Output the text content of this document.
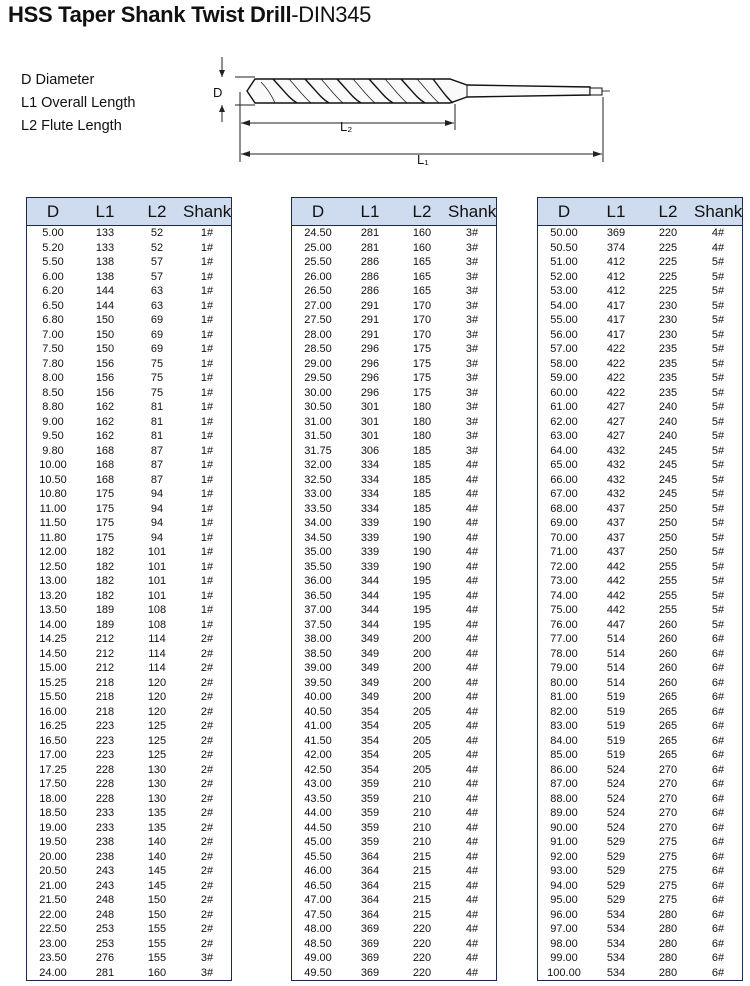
HSS Taper Shank Twist Drill-DIN345
D Diameter
L1 Overall Length
L2 Flute Length
D
L₂
L₁
D	L1	L2 Shank
5.00	133	52	1#
5.20	133	52	1#
5.50	138	57	1#
6.00	138	57	1#
6.20	144	63	1#
6.50	144	63	1#
6.80	150	69	1#
7.00	150	69	1#
7.50	150	69	1#
7.80	156	75	1#
8.00	156	75	1#
8.50	156	75	1#
8.80	162	81	1#
9.00	162	81	1#
9.50	162	81	1#
9.80	168	87	1#
10.00	168	87	1#
10.50	168	87	1#
10.80	175	94	1#
11.00	175	94	1#
11.50	175	94	1#
11.80	175	94	1#
12.00	182	101	1#
12.50	182	101	1#
13.00	182	101	1#
13.20	182	101	1#
13.50	189	108	1#
14.00	189	108	1#
14.25	212	114	2#
14.50	212	114	2#
15.00	212	114	2#
15.25	218	120	2#
15.50	218	120	2#
16.00	218	120	2#
16.25	223	125	2#
16.50	223	125	2#
17.00	223	125	2#
17.25	228	130	2#
17.50	228	130	2#
18.00	228	130	2#
18.50	233	135	2#
19.00	233	135	2#
19.50	238	140	2#
20.00	238	140	2#
20.50	243	145	2#
21.00	243	145	2#
21.50	248	150	2#
22.00	248	150	2#
22.50	253	155	2#
23.00	253	155	2#
23.50	276	155	3#
24.00	281	160	3#
D	L1	L2 Shank
24.50	281	160	3#
25.00	281	160	3#
25.50	286	165	3#
26.00	286	165	3#
26.50	286	165	3#
27.00	291	170	3#
27.50	291	170	3#
28.00	291	170	3#
28.50	296	175	3#
29.00	296	175	3#
29.50	296	175	3#
30.00	296	175	3#
30.50	301	180	3#
31.00	301	180	3#
31.50	301	180	3#
31.75	306	185	3#
32.00	334	185	4#
32.50	334	185	4#
33.00	334	185	4#
33.50	334	185	4#
34.00	339	190	4#
34.50	339	190	4#
35.00	339	190	4#
35.50	339	190	4#
36.00	344	195	4#
36.50	344	195	4#
37.00	344	195	4#
37.50	344	195	4#
38.00	349	200	4#
38.50	349	200	4#
39.00	349	200	4#
39.50	349	200	4#
40.00	349	200	4#
40.50	354	205	4#
41.00	354	205	4#
41.50	354	205	4#
42.00	354	205	4#
42.50	354	205	4#
43.00	359	210	4#
43.50	359	210	4#
44.00	359	210	4#
44.50	359	210	4#
45.00	359	210	4#
45.50	364	215	4#
46.00	364	215	4#
46.50	364	215	4#
47.00	364	215	4#
47.50	364	215	4#
48.00	369	220	4#
48.50	369	220	4#
49.00	369	220	4#
49.50	369	220	4#
D	L1	L2 Shank
50.00	369	220	4#
50.50	374	225	4#
51.00	412	225	5#
52.00	412	225	5#
53.00	412	225	5#
54.00	417	230	5#
55.00	417	230	5#
56.00	417	230	5#
57.00	422	235	5#
58.00	422	235	5#
59.00	422	235	5#
60.00	422	235	5#
61.00	427	240	5#
62.00	427	240	5#
63.00	427	240	5#
64.00	432	245	5#
65.00	432	245	5#
66.00	432	245	5#
67.00	432	245	5#
68.00	437	250	5#
69.00	437	250	5#
70.00	437	250	5#
71.00	437	250	5#
72.00	442	255	5#
73.00	442	255	5#
74.00	442	255	5#
75.00	442	255	5#
76.00	447	260	5#
77.00	514	260	6#
78.00	514	260	6#
79.00	514	260	6#
80.00	514	260	6#
81.00	519	265	6#
82.00	519	265	6#
83.00	519	265	6#
84.00	519	265	6#
85.00	519	265	6#
86.00	524	270	6#
87.00	524	270	6#
88.00	524	270	6#
89.00	524	270	6#
90.00	524	270	6#
91.00	529	275	6#
92.00	529	275	6#
93.00	529	275	6#
94.00	529	275	6#
95.00	529	275	6#
96.00	534	280	6#
97.00	534	280	6#
98.00	534	280	6#
99.00	534	280	6#
100.00	534	280	6#
